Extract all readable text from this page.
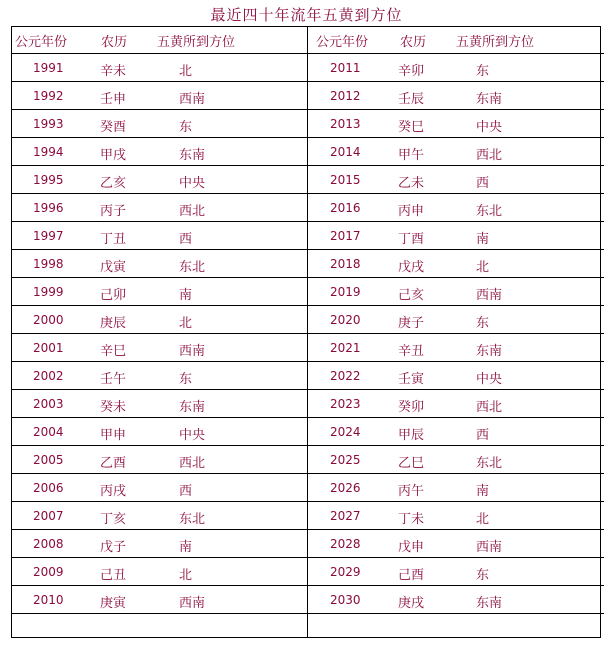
最近四十年流年五黄到方位
公元年份	农历 五黄所到方位
1991	辛未	北
1992	壬申	西南
1993	癸酉	东
1994	甲戌	东南
1995	乙亥	中央
1996	丙子	西北
1997	丁丑	西
1998	戊寅	东北
1999	己卯	南
2000	庚辰	北
2001	辛巳	西南
2002	壬午	东
2003	癸未	东南
2004	甲申	中央
2005	乙酉	西北
2006	丙戌	西
2007	丁亥	东北
2008	戊子	南
2009	己丑	北
2010	庚寅	西南
公元年份 农历 五黄所到方位
2011	辛卯	东
2012	壬辰	东南
2013	癸巳	中央
2014	甲午	西北
2015	乙未	西
2016	丙申	东北
2017	丁酉	南
2018	戊戌	北
2019	己亥	西南
2020	庚子	东
2021	辛丑	东南
2022	壬寅	中央
2023	癸卯	西北
2024	甲辰	西
2025	乙巳	东北
2026	丙午	南
2027	丁未	北
2028	戊申	西南
2029	己酉	东
2030	庚戌	东南
